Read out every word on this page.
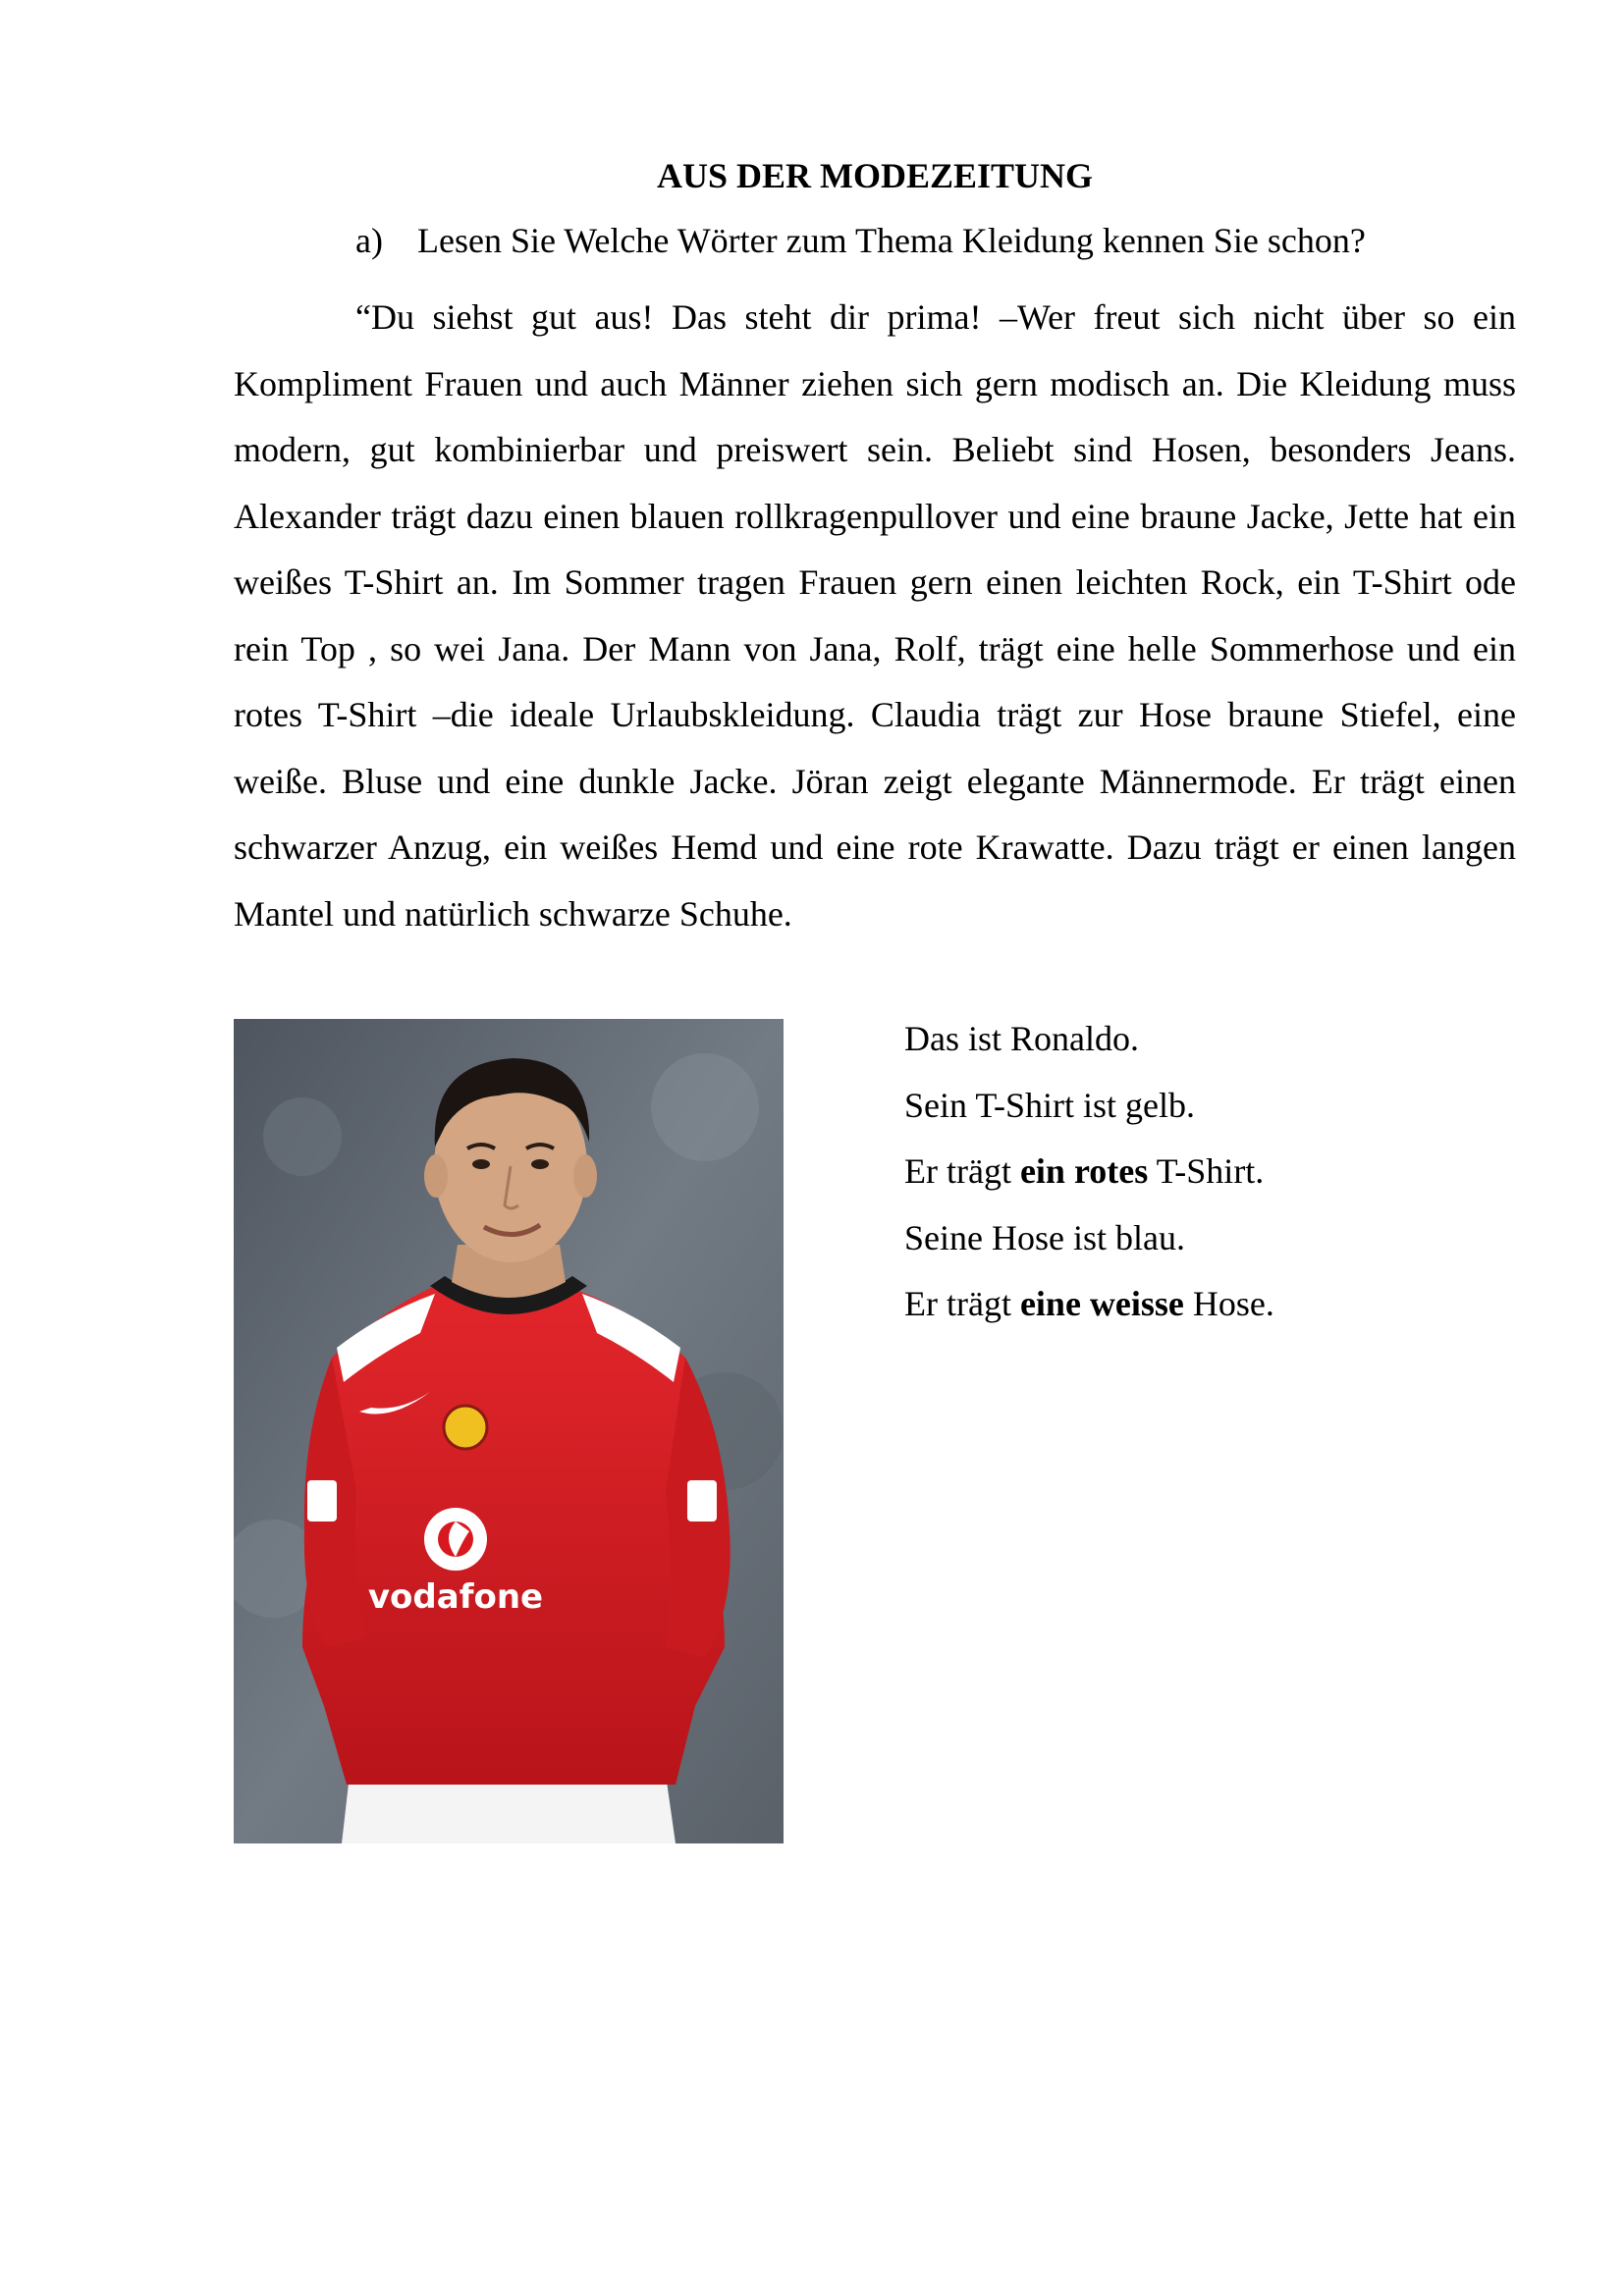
AUS DER MODEZEITUNG
a) Lesen Sie Welche Wörter zum Thema Kleidung kennen Sie schon?

“Du siehst gut aus! Das steht dir prima! –Wer freut sich nicht über so ein Kompliment Frauen und auch Männer ziehen sich gern modisch an. Die Kleidung muss modern, gut kombinierbar und preiswert sein. Beliebt sind Hosen, besonders Jeans. Alexander trägt dazu einen blauen rollkragenpullover und eine braune Jacke, Jette hat ein weißes T-Shirt an. Im Sommer tragen Frauen gern einen leichten Rock, ein T-Shirt ode rein Top , so wei Jana. Der Mann von Jana, Rolf, trägt eine helle Sommerhose und ein rotes T-Shirt –die ideale Urlaubskleidung. Claudia trägt zur Hose braune Stiefel, eine weiße. Bluse und eine dunkle Jacke. Jöran zeigt elegante Männermode. Er trägt einen schwarzer Anzug, ein weißes Hemd und eine rote Krawatte. Dazu trägt er einen langen Mantel und natürlich schwarze Schuhe.

vodafone
Das ist Ronaldo.
Sein T-Shirt ist gelb.
Er trägt ein rotes T-Shirt.
Seine Hose ist blau.
Er trägt eine weisse Hose.
